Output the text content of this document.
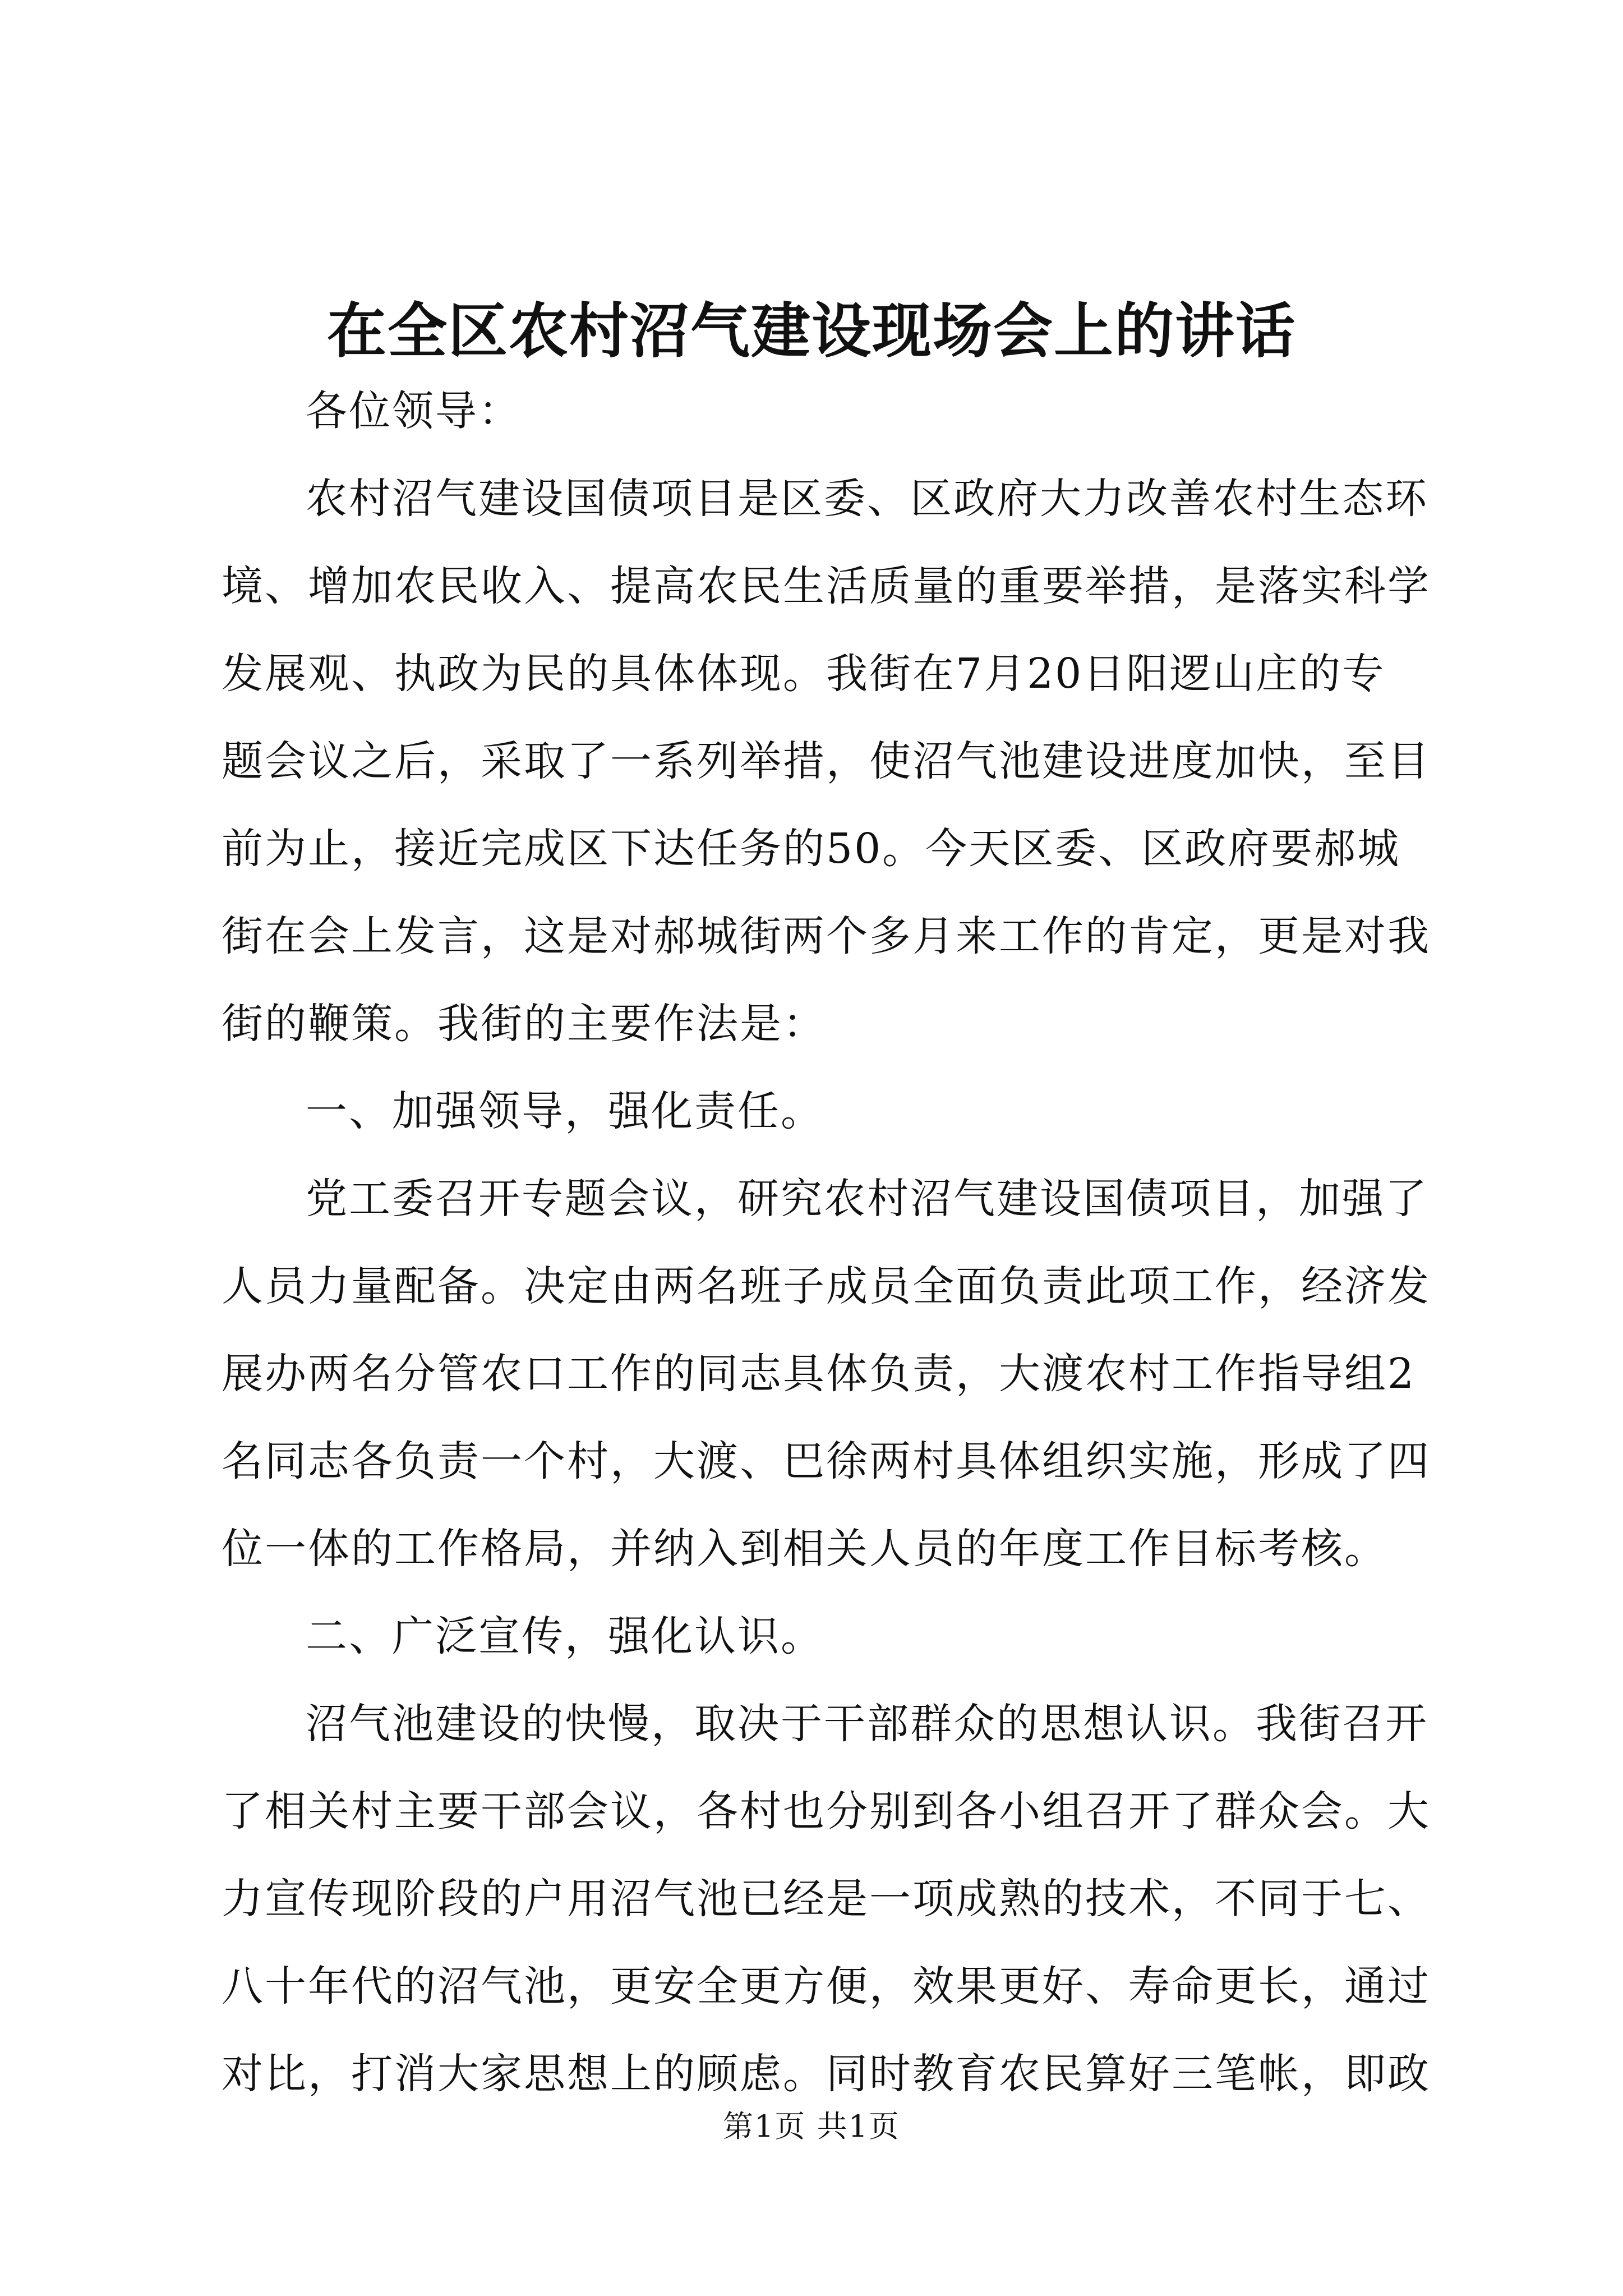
在全区农村沼气建设现场会上的讲话

各位领导：

农村沼气建设国债项目是区委、区政府大力改善农村生态环

境、增加农民收入、提高农民生活质量的重要举措，是落实科学

发展观、执政为民的具体体现。我街在7月20日阳逻山庄的专

题会议之后，采取了一系列举措，使沼气池建设进度加快，至目

前为止，接近完成区下达任务的50。今天区委、区政府要郝城

街在会上发言，这是对郝城街两个多月来工作的肯定，更是对我

街的鞭策。我街的主要作法是：

一、加强领导，强化责任。

党工委召开专题会议，研究农村沼气建设国债项目，加强了

人员力量配备。决定由两名班子成员全面负责此项工作，经济发

展办两名分管农口工作的同志具体负责，大渡农村工作指导组2

名同志各负责一个村，大渡、巴徐两村具体组织实施，形成了四

位一体的工作格局，并纳入到相关人员的年度工作目标考核。

二、广泛宣传，强化认识。

沼气池建设的快慢，取决于干部群众的思想认识。我街召开

了相关村主要干部会议，各村也分别到各小组召开了群众会。大

力宣传现阶段的户用沼气池已经是一项成熟的技术，不同于七、

八十年代的沼气池，更安全更方便，效果更好、寿命更长，通过

对比，打消大家思想上的顾虑。同时教育农民算好三笔帐，即政

第1页 共1页
